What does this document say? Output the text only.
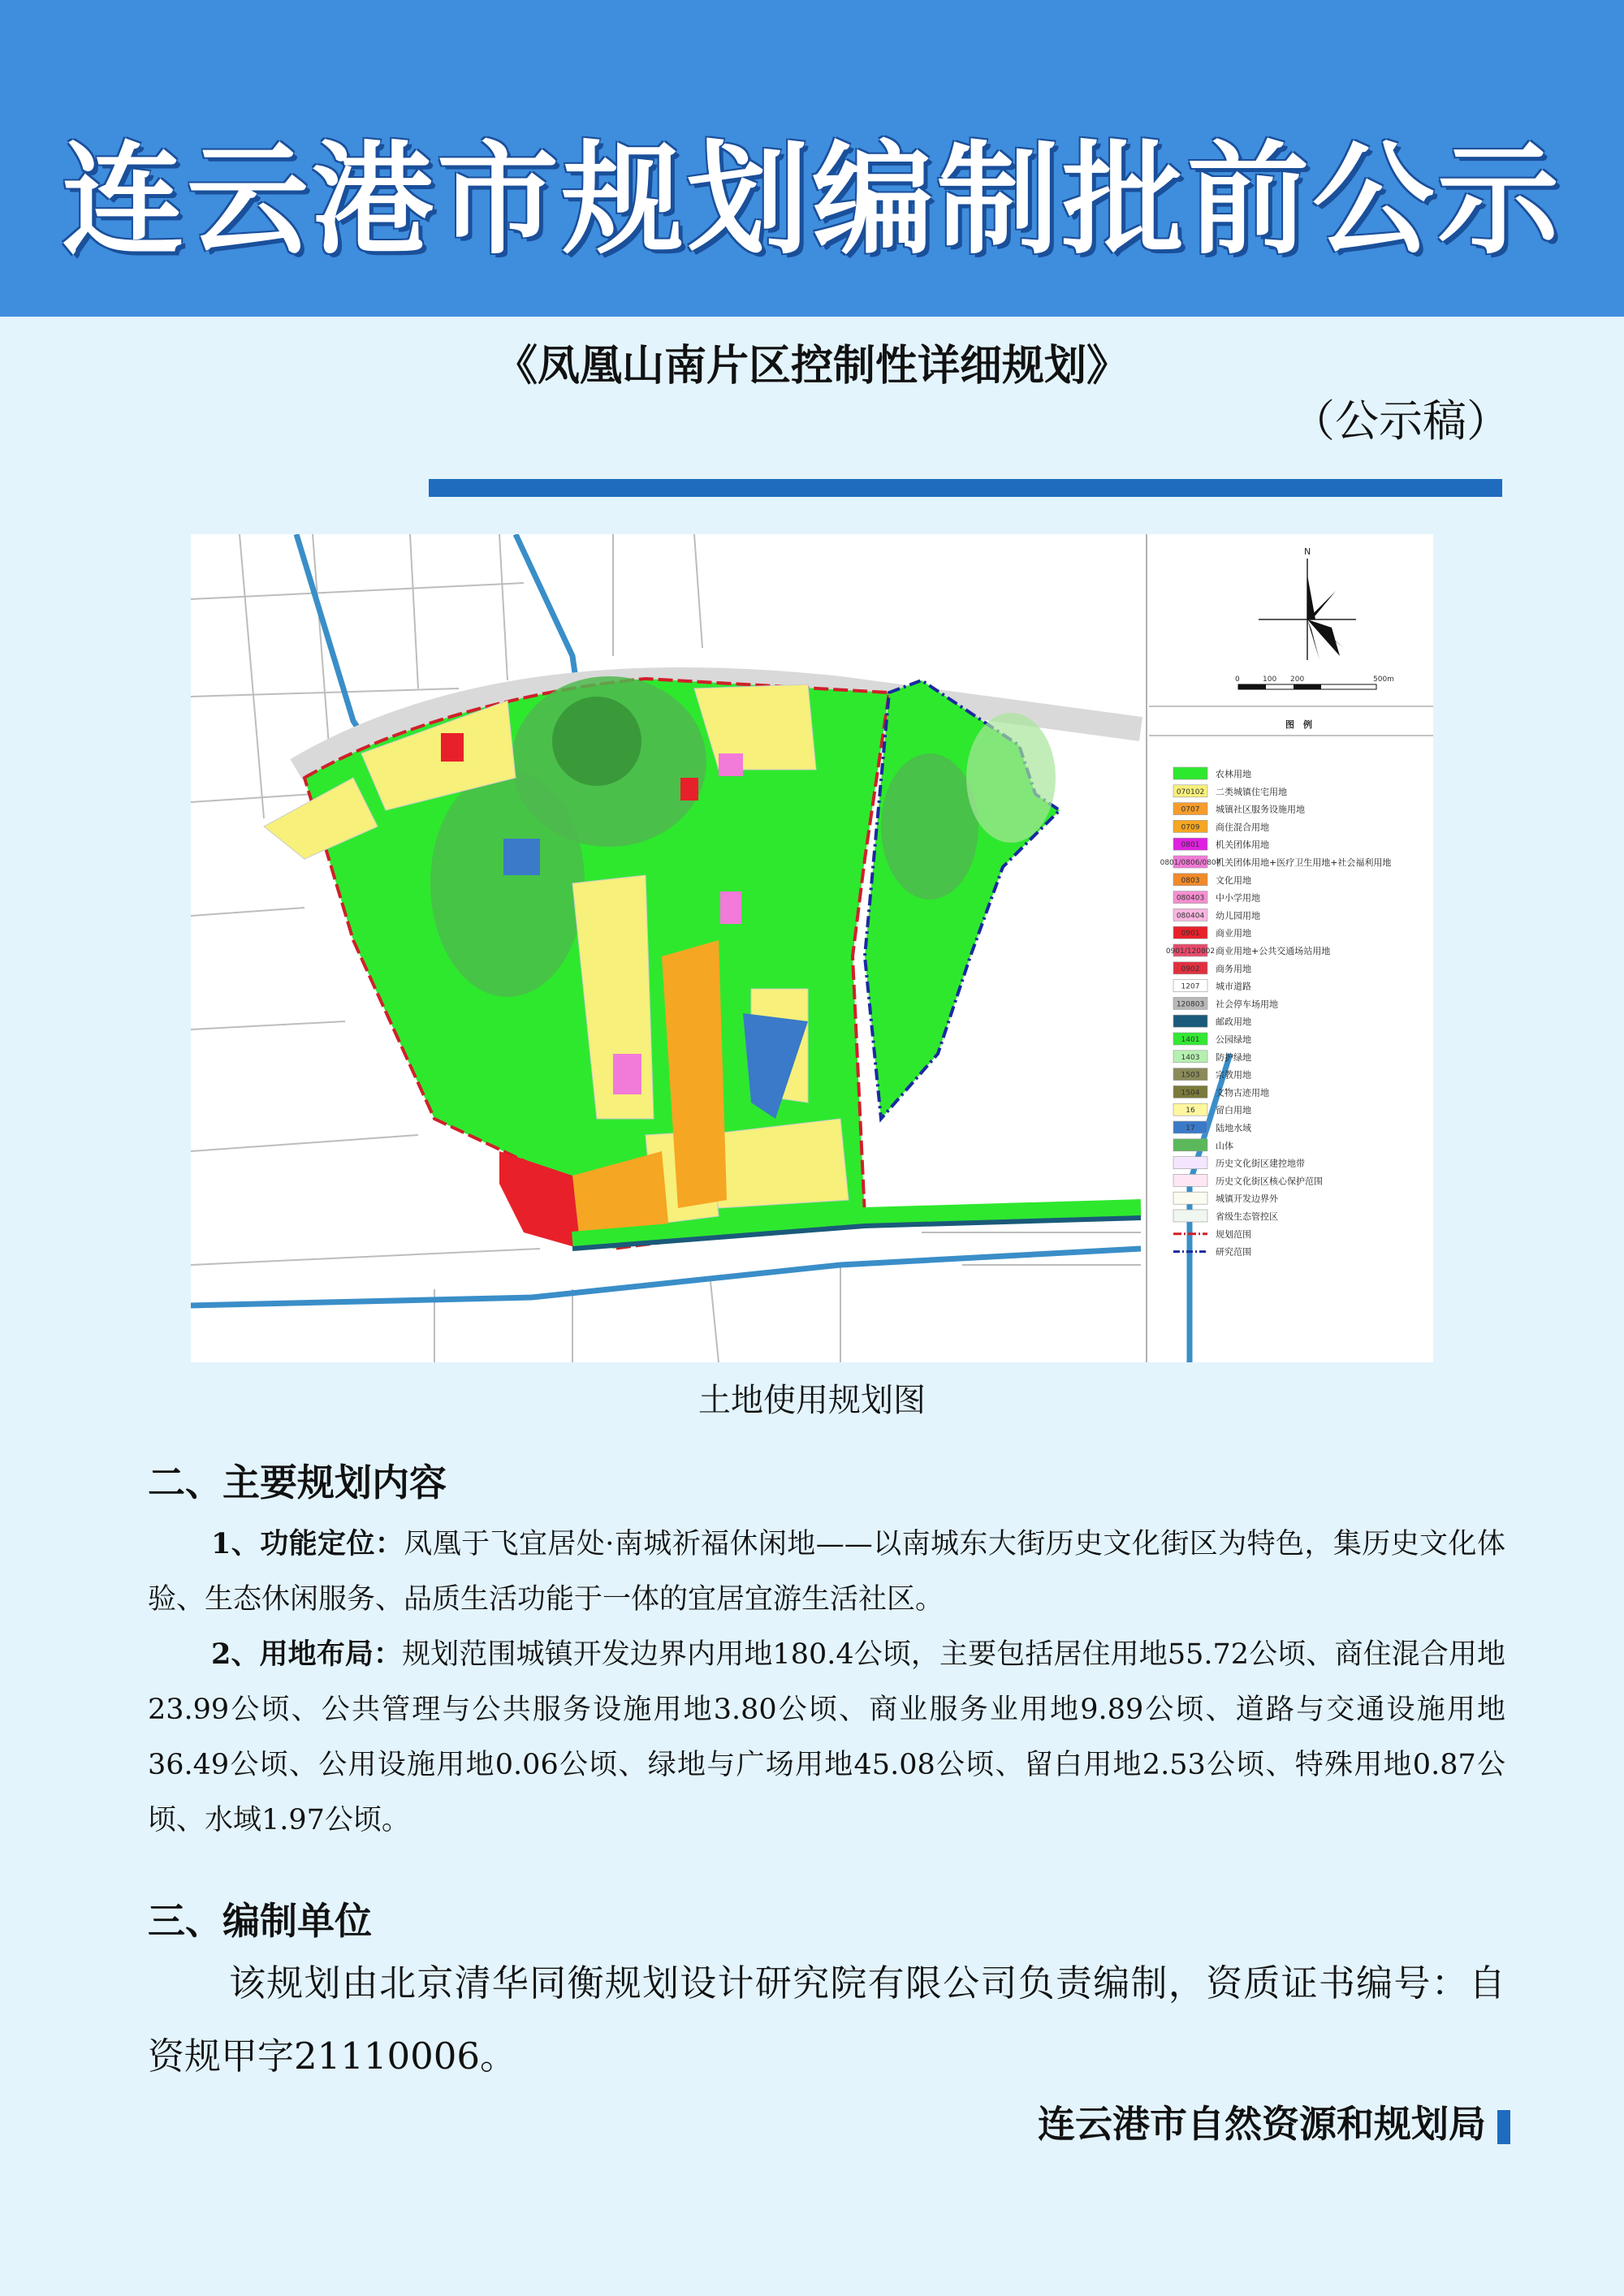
连云港市规划编制批前公示
《凤凰山南片区控制性详细规划》
（公示稿）
N
0	100 200	500m
图　例
农林用地
070102 二类城镇住宅用地
0707 城镇社区服务设施用地
0709 商住混合用地
0801 机关团体用地
0801/0806/0807
机关团体用地+医疗卫生用地+社会福利用地
0803 文化用地
080403 中小学用地
080404 幼儿园用地
0901 商业用地
0901/120802 商业用地+公共交通场站用地
0902 商务用地
1207 城市道路
120803 社会停车场用地
邮政用地
1401 公园绿地
1403 防护绿地
1503 宗教用地
1504 文物古迹用地
16 留白用地
17 陆地水域
山体
历史文化街区建控地带
历史文化街区核心保护范围
城镇开发边界外
省级生态管控区
规划范围
研究范围
土地使用规划图
二、主要规划内容
1、功能定位：凤凰于飞宜居处·南城祈福休闲地——以南城东大街历史文化街区为特色，集历史文化体验、生态休闲服务、品质生活功能于一体的宜居宜游生活社区。
2、用地布局：规划范围城镇开发边界内用地180.4公顷，主要包括居住用地55.72公顷、商住混合用地23.99公顷、公共管理与公共服务设施用地3.80公顷、商业服务业用地9.89公顷、道路与交通设施用地36.49公顷、公用设施用地0.06公顷、绿地与广场用地45.08公顷、留白用地2.53公顷、特殊用地0.87公顷、水域1.97公顷。
三、编制单位
该规划由北京清华同衡规划设计研究院有限公司负责编制，资质证书编号：自资规甲字21110006。
连云港市自然资源和规划局
